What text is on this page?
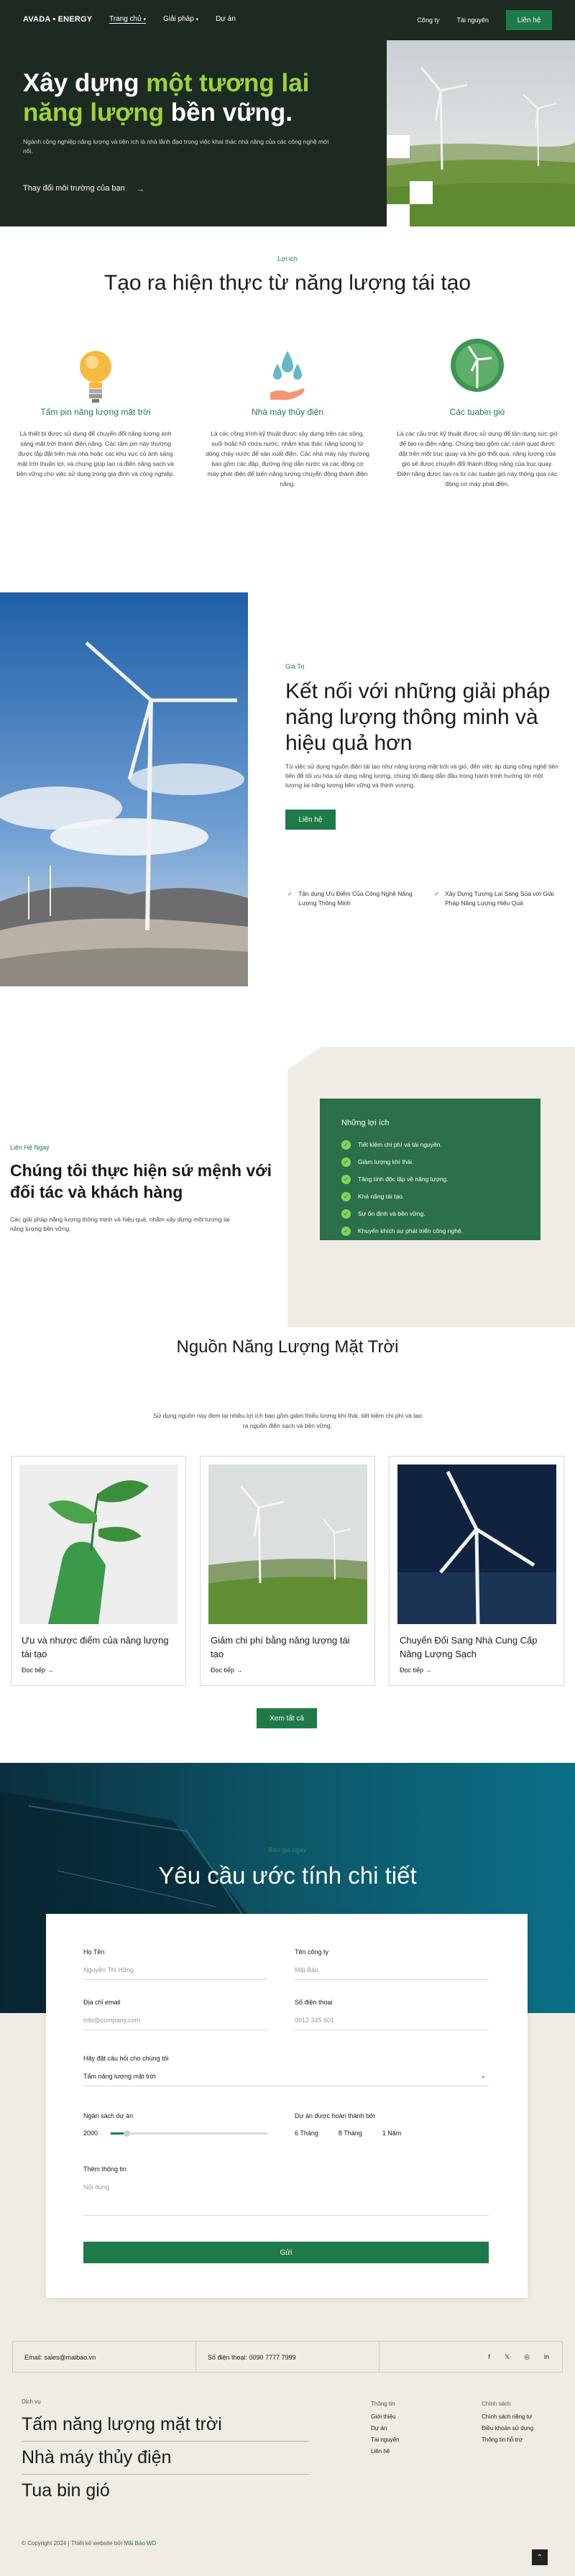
AVADA • ENERGY Trang chủ ▾ Giải pháp ▾ Dự án	Công ty	Tài nguyên	Liên hệ
Xây dựng một tương lai
năng lượng bền vững.
Ngành công nghiệp năng lượng và tiện ích là nhà lãnh đạo trong việc khai thác nhà năng của các công nghệ mới nổi.
Thay đổi môi trường của bạn →
Lợi ích
Tạo ra hiện thực từ năng lượng tái tạo
Tấm pin năng lượng mặt trời
Là thiết bị được sử dụng để chuyển đổi năng lượng ánh sáng mặt trời thành điện năng. Các tấm pin này thường được lắp đặt trên mái nhà hoặc các khu vực có ánh sáng mặt trời thuận lợi, và chúng giúp tạo ra điện năng sạch và bền vững cho việc sử dụng trong gia đình và công nghiệp.
Nhà máy thủy điện
Là các công trình kỹ thuật được xây dựng trên các sông, suối hoặc hồ chứa nước, nhằm khai thác năng lượng từ dòng chảy nước để sản xuất điện. Các nhà máy này thường bao gồm các đập, đường ống dẫn nước và các động cơ máy phát điện để biến năng lượng chuyển động thành điện năng.
Các tuabin gió
Là các cấu trúc kỹ thuật được sử dụng để tận dụng sức gió để tạo ra điện năng. Chúng bao gồm các cánh quạt được đặt trên một trục quay và khi gió thổi qua, năng lượng của gió sẽ được chuyển đổi thành động năng của trục quay. Điện năng được tạo ra từ các tuabin gió này thông qua các động cơ máy phát điện.
Giá Trị
Kết nối với những giải pháp năng lượng thông minh và hiệu quả hơn
Từ việc sử dụng nguồn điện tái tạo như năng lượng mặt trời và gió, đến việc áp dụng công nghệ tiên tiến để tối ưu hóa sử dụng năng lượng, chúng tôi đang dẫn đầu trong hành trình hướng tới một tương lai năng lượng bền vững và thịnh vượng.
Liên hệ
✓ Tận dụng Ưu Điểm Của Công Nghệ Năng Lượng Thông Minh
✓ Xây Dựng Tương Lai Sáng Sủa với Giải Pháp Năng Lượng Hiệu Quả
Liên Hệ Ngay
Chúng tôi thực hiện sứ mệnh với đối tác và khách hàng
Các giải pháp năng lượng thông minh và hiệu quả, nhằm xây dựng một tương lai năng lượng bền vững.
Những lợi ích
✓	Tiết kiệm chi phí và tài nguyên.
✓	Giảm lượng khí thải.
✓	Tăng tính độc lập về năng lượng.
✓	Khả năng tái tạo.
✓	Sự ổn định và bền vững.
✓	Khuyến khích sự phát triển công nghệ.
Nguồn Năng Lượng Mặt Trời
Sử dụng nguồn này đem lại nhiều lợi ích bao gồm giảm thiểu lượng khí thải, tiết kiệm chi phí và tạo ra nguồn điện sạch và bền vững.
Ưu và nhược điểm của năng lượng tái tạo
Đọc tiếp →
Giảm chi phí bằng năng lượng tái tạo
Đọc tiếp →
Chuyển Đổi Sang Nhà Cung Cấp Năng Lượng Sạch
Đọc tiếp →
Xem tất cả
Báo giá ngay
Yêu cầu ước tính chi tiết
Họ Tên
Nguyễn Thị Hồng
Tên công ty
Mãi Báo
Địa chỉ email
info@company.com
Số điện thoại
0912 345 601
Hãy đặt câu hỏi cho chúng tôi
Tấm năng lượng mặt trời	⌄
Ngân sách dự án
2000
Dự án được hoàn thành bởi
6 Tháng	8 Tháng	1 Năm
Thêm thông tin
Nội dung
Gửi
Email: sales@maibao.vn	Số điện thoại: 0090 7777 7999	f 𝕏 ◎ in
Dịch vụ
Tấm năng lượng mặt trời
Nhà máy thủy điện
Tua bin gió
Thông tin
Giới thiệu
Dự án
Tài nguyên
Liên hệ
Chính sách
Chính sách riêng tư
Điều khoản sử dụng
Thông tin hỗ trợ
© Copyright 2024 | Thiết kế website bởi Mãi Báo WD
⌃
